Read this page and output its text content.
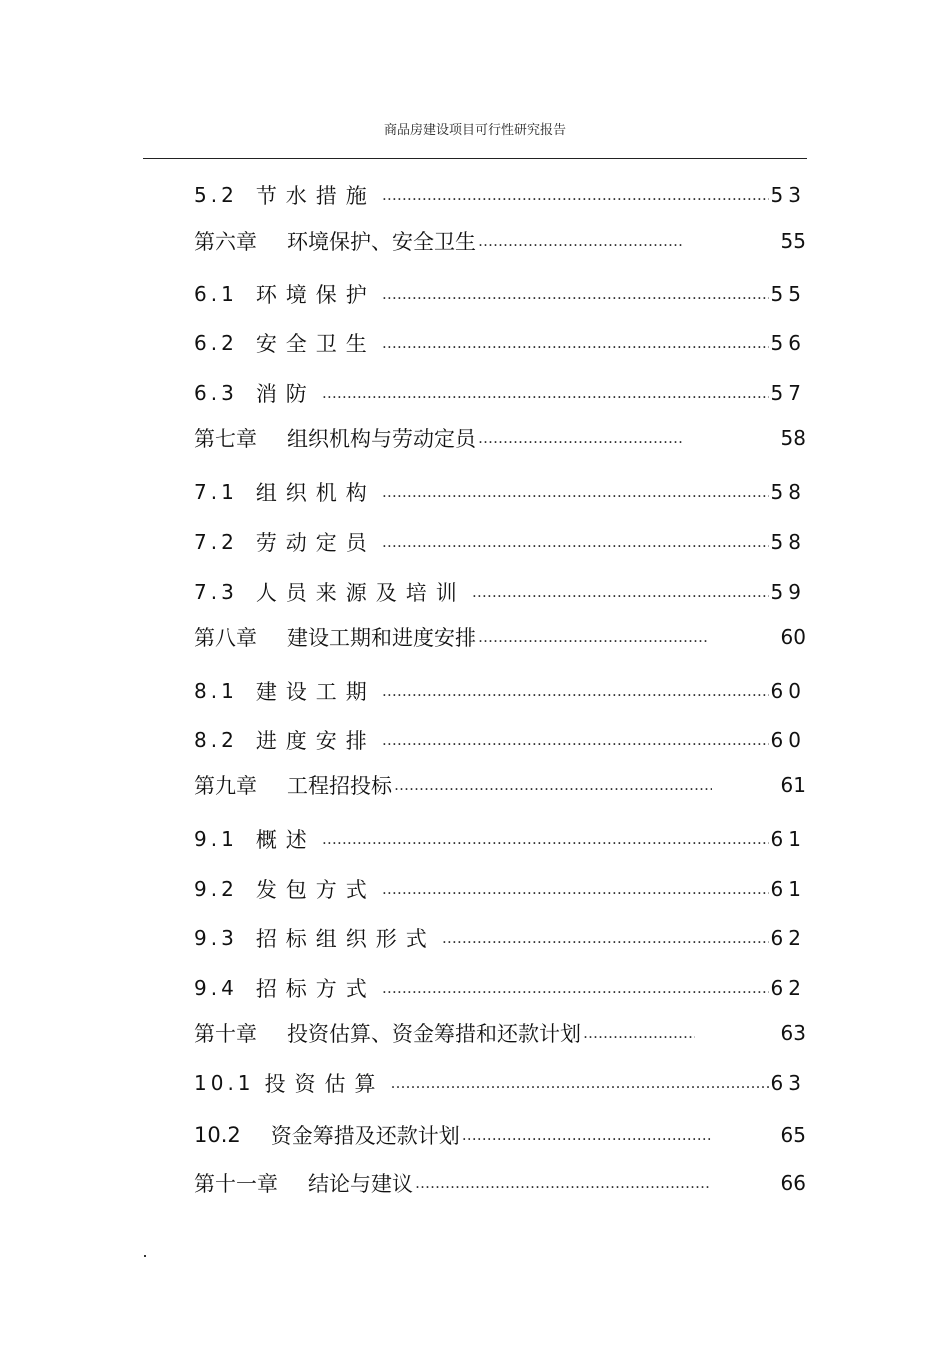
商品房建设项目可行性研究报告
5.2 节水措施 ……………………………………………………………………………………………………………………………………………………………	53
第六章 环境保护、安全卫生 ……………………………………………………………………………………………………………………………………………………………	55
6.1 环境保护 ……………………………………………………………………………………………………………………………………………………………	55
6.2 安全卫生 ……………………………………………………………………………………………………………………………………………………………	56
6.3 消防 ……………………………………………………………………………………………………………………………………………………………	57
第七章 组织机构与劳动定员 ……………………………………………………………………………………………………………………………………………………………	58
7.1 组织机构 ……………………………………………………………………………………………………………………………………………………………	58
7.2 劳动定员 ……………………………………………………………………………………………………………………………………………………………	58
7.3 人员来源及培训 ……………………………………………………………………………………………………………………………………………………………	59
第八章 建设工期和进度安排 ……………………………………………………………………………………………………………………………………………………………	60
8.1 建设工期 ……………………………………………………………………………………………………………………………………………………………	60
8.2 进度安排 ……………………………………………………………………………………………………………………………………………………………	60
第九章 工程招投标 ……………………………………………………………………………………………………………………………………………………………	61
9.1 概述 ……………………………………………………………………………………………………………………………………………………………	61
9.2 发包方式 ……………………………………………………………………………………………………………………………………………………………	61
9.3 招标组织形式 ……………………………………………………………………………………………………………………………………………………………	62
9.4 招标方式 ……………………………………………………………………………………………………………………………………………………………	62
第十章 投资估算、资金筹措和还款计划 ……………………………………………………………………………………………………………………………………………………………	63
10.1 投资估算 ……………………………………………………………………………………………………………………………………………………………	63
10.2 资金筹措及还款计划 ……………………………………………………………………………………………………………………………………………………………	65
第十一章 结论与建议 ……………………………………………………………………………………………………………………………………………………………	66
